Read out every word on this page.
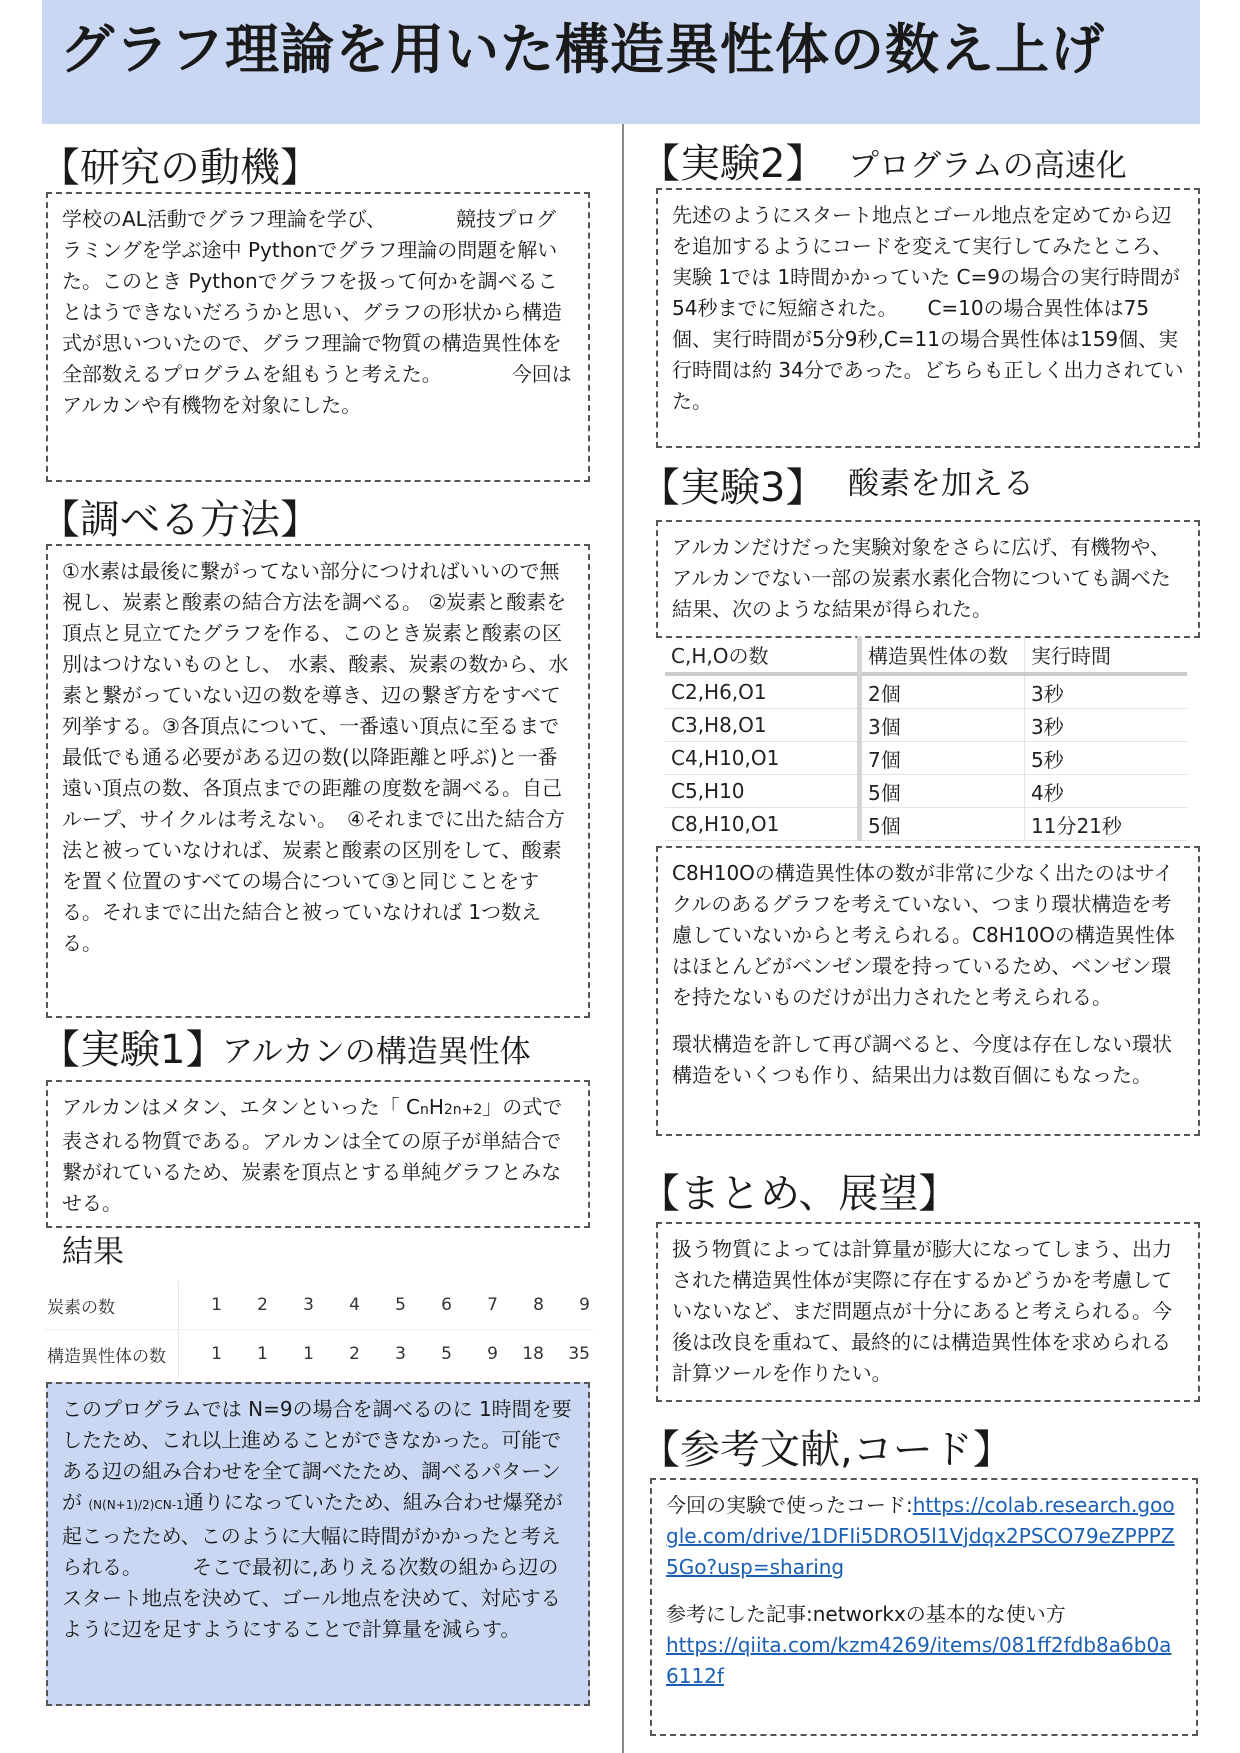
グラフ理論を用いた構造異性体の数え上げ
【研究の動機】

学校のAL活動でグラフ理論を学び、　　　　競技プログラミングを学ぶ途中 Pythonでグラフ理論の問題を解いた。このとき Pythonでグラフを扱って何かを調べることはうできないだろうかと思い、グラフの形状から構造式が思いついたので、グラフ理論で物質の構造異性体を全部数えるプログラムを組もうと考えた。　　　　今回はアルカンや有機物を対象にした。

【調べる方法】

①水素は最後に繋がってない部分につければいいので無視し、炭素と酸素の結合方法を調べる。 ②炭素と酸素を頂点と見立てたグラフを作る、このとき炭素と酸素の区別はつけないものとし、 水素、酸素、炭素の数から、水素と繋がっていない辺の数を導き、辺の繋ぎ方をすべて列挙する。③各頂点について、一番遠い頂点に至るまで　最低でも通る必要がある辺の数(以降距離と呼ぶ)と一番遠い頂点の数、各頂点までの距離の度数を調べる。自己ループ、サイクルは考えない。　④それまでに出た結合方法と被っていなければ、炭素と酸素の区別をして、酸素を置く位置のすべての場合について③と同じことをする。それまでに出た結合と被っていなければ 1つ数える。

【実験1】
アルカンの構造異性体

アルカンはメタン、エタンといった「 CnH2n+2」の式で表される物質である。アルカンは全ての原子が単結合で繋がれているため、炭素を頂点とする単純グラフとみなせる。

結果
炭素の数	1	2	3	4	5	6	7	8	9
構造異性体の数	1	1	1	2	3	5	9	18	35

このプログラムでは N=9の場合を調べるのに 1時間を要したため、これ以上進めることができなかった。可能である辺の組み合わせを全て調べたため、調べるパターンが (N(N+1)/2)CN-1通りになっていたため、組み合わせ爆発が起こったため、このように大幅に時間がかかったと考えられる。　　　そこで最初に,ありえる次数の組から辺のスタート地点を決めて、ゴール地点を決めて、対応するように辺を足すようにすることで計算量を減らす。

【実験2】 プログラムの高速化

先述のようにスタート地点とゴール地点を定めてから辺を追加するようにコードを変えて実行してみたところ、実験 1では 1時間かかっていた C=9の場合の実行時間が54秒までに短縮された。　　C=10の場合異性体は75個、実行時間が5分9秒,C=11の場合異性体は159個、実行時間は約 34分であった。どちらも正しく出力されていた。

【実験3】 酸素を加える

アルカンだけだった実験対象をさらに広げ、有機物や、アルカンでない一部の炭素水素化合物についても調べた結果、次のような結果が得られた。

C,H,Oの数	構造異性体の数	実行時間
C2,H6,O1	2個	3秒
C3,H8,O1	3個	3秒
C4,H10,O1	7個	5秒
C5,H10	5個	4秒
C8,H10,O1	5個	11分21秒

C8H10Oの構造異性体の数が非常に少なく出たのはサイクルのあるグラフを考えていない、つまり環状構造を考慮していないからと考えられる。C8H10Oの構造異性体はほとんどがベンゼン環を持っているため、ベンゼン環を持たないものだけが出力されたと考えられる。

環状構造を許して再び調べると、今度は存在しない環状構造をいくつも作り、結果出力は数百個にもなった。

【まとめ、展望】

扱う物質によっては計算量が膨大になってしまう、出力された構造異性体が実際に存在するかどうかを考慮していないなど、まだ問題点が十分にあると考えられる。今後は改良を重ねて、最終的には構造異性体を求められる計算ツールを作りたい。

【参考文献,コード】

今回の実験で使ったコード:https://colab.research.google.com/drive/1DFIi5DRO5l1Vjdqx2PSCO79eZPPPZ5Go?usp=sharing

参考にした記事:networkxの基本的な使い方

https://qiita.com/kzm4269/items/081ff2fdb8a6b0a6112f
